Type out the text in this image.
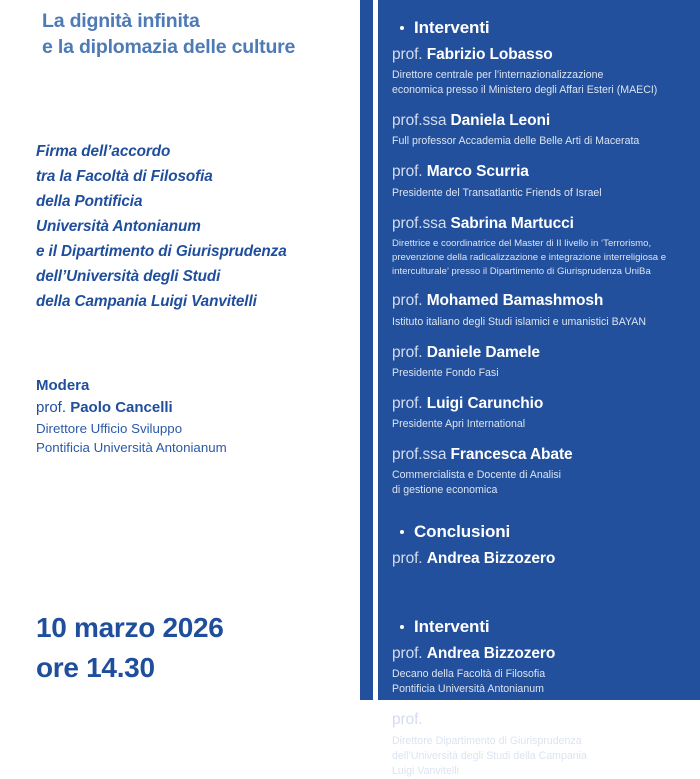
La dignità infinita
e la diplomazia delle culture
Firma dell’accordo
tra la Facoltà di Filosofia
della Pontificia
Università Antonianum
e il Dipartimento di Giurisprudenza
dell’Università degli Studi
della Campania Luigi Vanvitelli
Modera
prof. Paolo Cancelli
Direttore Ufficio Sviluppo
Pontificia Università Antonianum
10 marzo 2026
ore 14.30
Interventi
prof. Fabrizio Lobasso
Direttore centrale per l’internazionalizzazione
economica presso il Ministero degli Affari Esteri (MAECI)
prof.ssa Daniela Leoni
Full professor Accademia delle Belle Arti di Macerata
prof. Marco Scurria
Presidente del Transatlantic Friends of Israel
prof.ssa Sabrina Martucci
Direttrice e coordinatrice del Master di II livello in ‘Terrorismo,
prevenzione della radicalizzazione e integrazione interreligiosa e
interculturale’ presso il Dipartimento di Giurisprudenza UniBa
prof. Mohamed Bamashmosh
Istituto italiano degli Studi islamici e umanistici BAYAN
prof. Daniele Damele
Presidente Fondo Fasi
prof. Luigi Carunchio
Presidente Apri International
prof.ssa Francesca Abate
Commercialista e Docente di Analisi
di gestione economica
Conclusioni
prof. Andrea Bizzozero
Interventi
prof. Andrea Bizzozero
Decano della Facoltà di Filosofia
Pontificia Università Antonianum
prof. Raffaele Picaro
Direttore Dipartimento di Giurisprudenza
dell’Università degli Studi della Campania
Luigi Vanvitelli
